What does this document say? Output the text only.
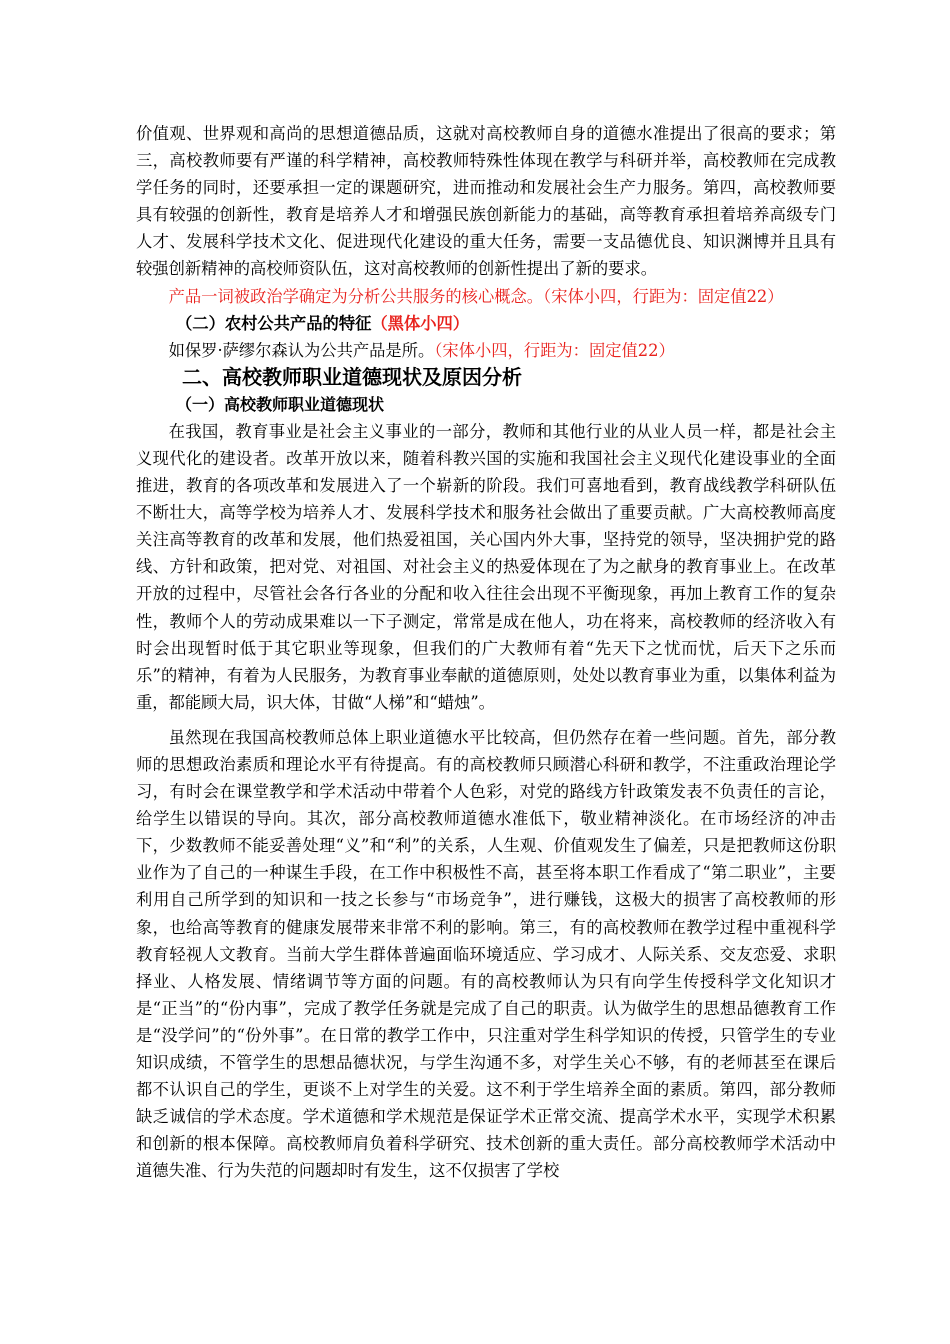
价值观、世界观和高尚的思想道德品质，这就对高校教师自身的道德水准提出了很高的要求；第三，高校教师要有严谨的科学精神，高校教师特殊性体现在教学与科研并举，高校教师在完成教学任务的同时，还要承担一定的课题研究，进而推动和发展社会生产力服务。第四，高校教师要具有较强的创新性，教育是培养人才和增强民族创新能力的基础，高等教育承担着培养高级专门人才、发展科学技术文化、促进现代化建设的重大任务，需要一支品德优良、知识渊博并且具有较强创新精神的高校师资队伍，这对高校教师的创新性提出了新的要求。

产品一词被政治学确定为分析公共服务的核心概念。（宋体小四，行距为：固定值22）

（二）农村公共产品的特征（黑体小四）

如保罗·萨缪尔森认为公共产品是所。（宋体小四，行距为：固定值22）

二、高校教师职业道德现状及原因分析

（一）高校教师职业道德现状

在我国，教育事业是社会主义事业的一部分，教师和其他行业的从业人员一样，都是社会主义现代化的建设者。改革开放以来，随着科教兴国的实施和我国社会主义现代化建设事业的全面推进，教育的各项改革和发展进入了一个崭新的阶段。我们可喜地看到，教育战线教学科研队伍不断壮大，高等学校为培养人才、发展科学技术和服务社会做出了重要贡献。广大高校教师高度关注高等教育的改革和发展，他们热爱祖国，关心国内外大事，坚持党的领导，坚决拥护党的路线、方针和政策，把对党、对祖国、对社会主义的热爱体现在了为之献身的教育事业上。在改革开放的过程中，尽管社会各行各业的分配和收入往往会出现不平衡现象，再加上教育工作的复杂性，教师个人的劳动成果难以一下子测定，常常是成在他人，功在将来，高校教师的经济收入有时会出现暂时低于其它职业等现象，但我们的广大教师有着“先天下之忧而忧，后天下之乐而乐”的精神，有着为人民服务，为教育事业奉献的道德原则，处处以教育事业为重，以集体利益为重，都能顾大局，识大体，甘做“人梯”和“蜡烛”。

虽然现在我国高校教师总体上职业道德水平比较高，但仍然存在着一些问题。首先，部分教师的思想政治素质和理论水平有待提高。有的高校教师只顾潜心科研和教学，不注重政治理论学习，有时会在课堂教学和学术活动中带着个人色彩，对党的路线方针政策发表不负责任的言论，给学生以错误的导向。其次，部分高校教师道德水准低下，敬业精神淡化。在市场经济的冲击下，少数教师不能妥善处理“义”和“利”的关系，人生观、价值观发生了偏差，只是把教师这份职业作为了自己的一种谋生手段，在工作中积极性不高，甚至将本职工作看成了“第二职业”，主要利用自己所学到的知识和一技之长参与“市场竞争”，进行赚钱，这极大的损害了高校教师的形象，也给高等教育的健康发展带来非常不利的影响。第三，有的高校教师在教学过程中重视科学教育轻视人文教育。当前大学生群体普遍面临环境适应、学习成才、人际关系、交友恋爱、求职择业、人格发展、情绪调节等方面的问题。有的高校教师认为只有向学生传授科学文化知识才是“正当”的“份内事”，完成了教学任务就是完成了自己的职责。认为做学生的思想品德教育工作是“没学问”的“份外事”。在日常的教学工作中，只注重对学生科学知识的传授，只管学生的专业知识成绩，不管学生的思想品德状况，与学生沟通不多，对学生关心不够，有的老师甚至在课后都不认识自己的学生，更谈不上对学生的关爱。这不利于学生培养全面的素质。第四，部分教师缺乏诚信的学术态度。学术道德和学术规范是保证学术正常交流、提高学术水平，实现学术积累和创新的根本保障。高校教师肩负着科学研究、技术创新的重大责任。部分高校教师学术活动中道德失准、行为失范的问题却时有发生，这不仅损害了学校
